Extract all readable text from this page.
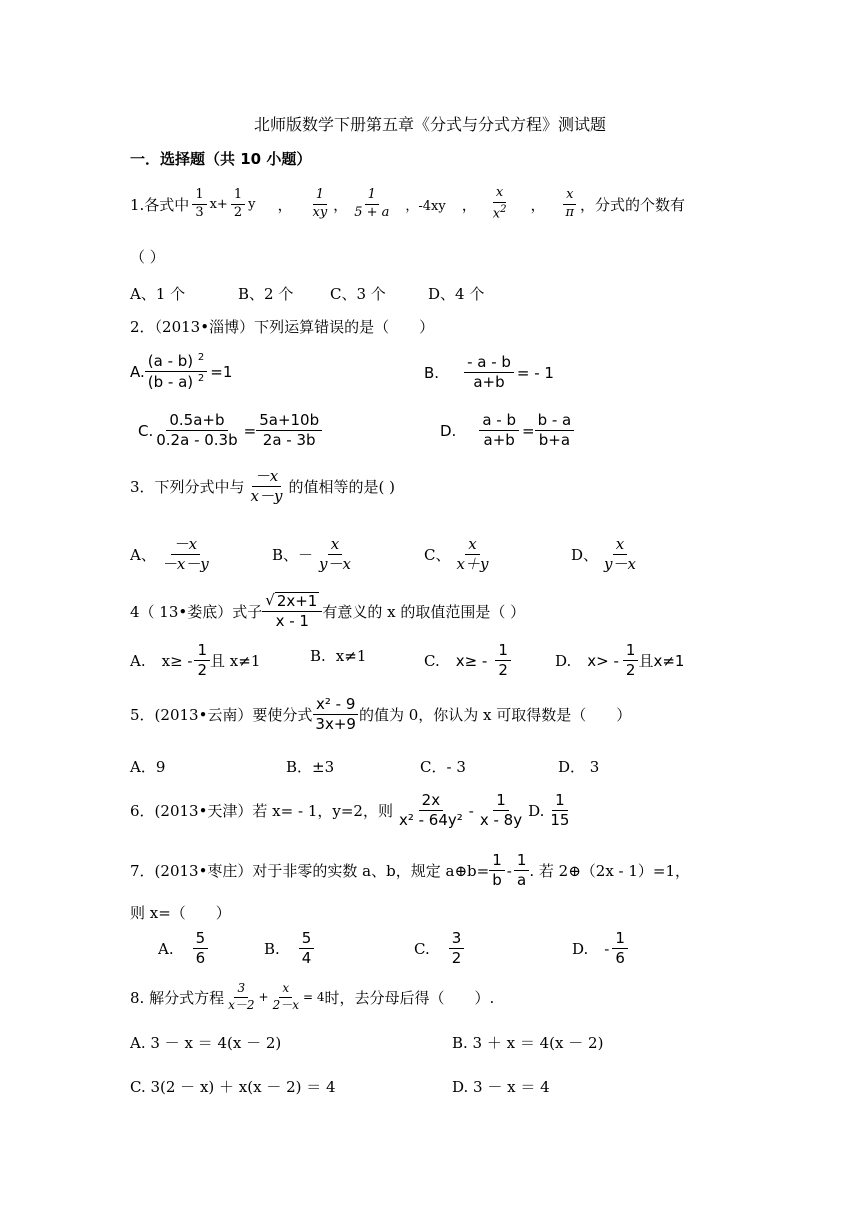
北师版数学下册第五章《分式与分式方程》测试题
一．选择题（共 10 小题）
1.各式中 $\frac{1}{3} x+ \frac{1}{2}$ y ， $\frac{1}{xy}$ ， $\frac{1}{5 + a}$ ，-4xy ， $\frac{x}{x^2}$ ， $\frac{x}{\pi}$ ，分式的个数有
（ ）
A、1 个	B、2 个 C、3 个	D、4 个
2．（2013•淄博）下列运算错误的是（　　）
A. $\frac{(a - b) ^2}{(b - a) ^2} =1$	B. $\frac{- a - b}{a+b}$ = - 1
C. $\frac{0.5a+b}{0.2a - 0.3b} = \frac{5a+10b}{2a - 3b}$	D. $\frac{a - b}{a+b} = \frac{b - a}{b+a}$
3．下列分式中与 $\frac{-x}{x-y}$ 的值相等的是( )
A、 $\frac{-x}{-x-y}$	B、－ $\frac{x}{y-x}$	C、 $\frac{x}{x+y}$	D、 $\frac{x}{y-x}$
4（ 13•娄底）式子 $\frac{√ 2x+1}{x - 1}$ 有意义的 x 的取值范围是（ ）
A. $x\ge - \frac{1}{2}$ 且 x≠1	B. x≠1	C. $x\ge - \frac{1}{2}$	D. $x> - \frac{1}{2}$ 且x≠1
5．(2013•云南）要使分式 $\frac{\text{x² - 9}}{3x+9}$ 的值为 0，你认为 x 可取得数是（　　）
A．9	B．±3	C．- 3	D． 3
6．(2013•天津）若 x= - 1，y=2，则 $\frac{2x}{\text{x² - 64y²}} - \frac{1}{x - 8y} D$. $\frac{1}{15}$
7．(2013•枣庄）对于非零的实数 a、b，规定 a⊕b= $\frac{1}{b} - \frac{1}{a}$ . 若 2⊕（2x - 1）=1，
则 x=（　　）
A. $\frac{5}{6}$	B. $\frac{5}{4}$	C. $\frac{3}{2}$	D. - $\frac{1}{6}$
8. 解分式方程 $\frac{3}{x-2} + \frac{x}{2-x} = 4$ 时，去分母后得（　　）.
A. 3 － x ＝ 4(x － 2)	B. 3 ＋ x ＝ 4(x － 2)
C. 3(2 － x) ＋ x(x － 2) ＝ 4	D. 3 － x ＝ 4
